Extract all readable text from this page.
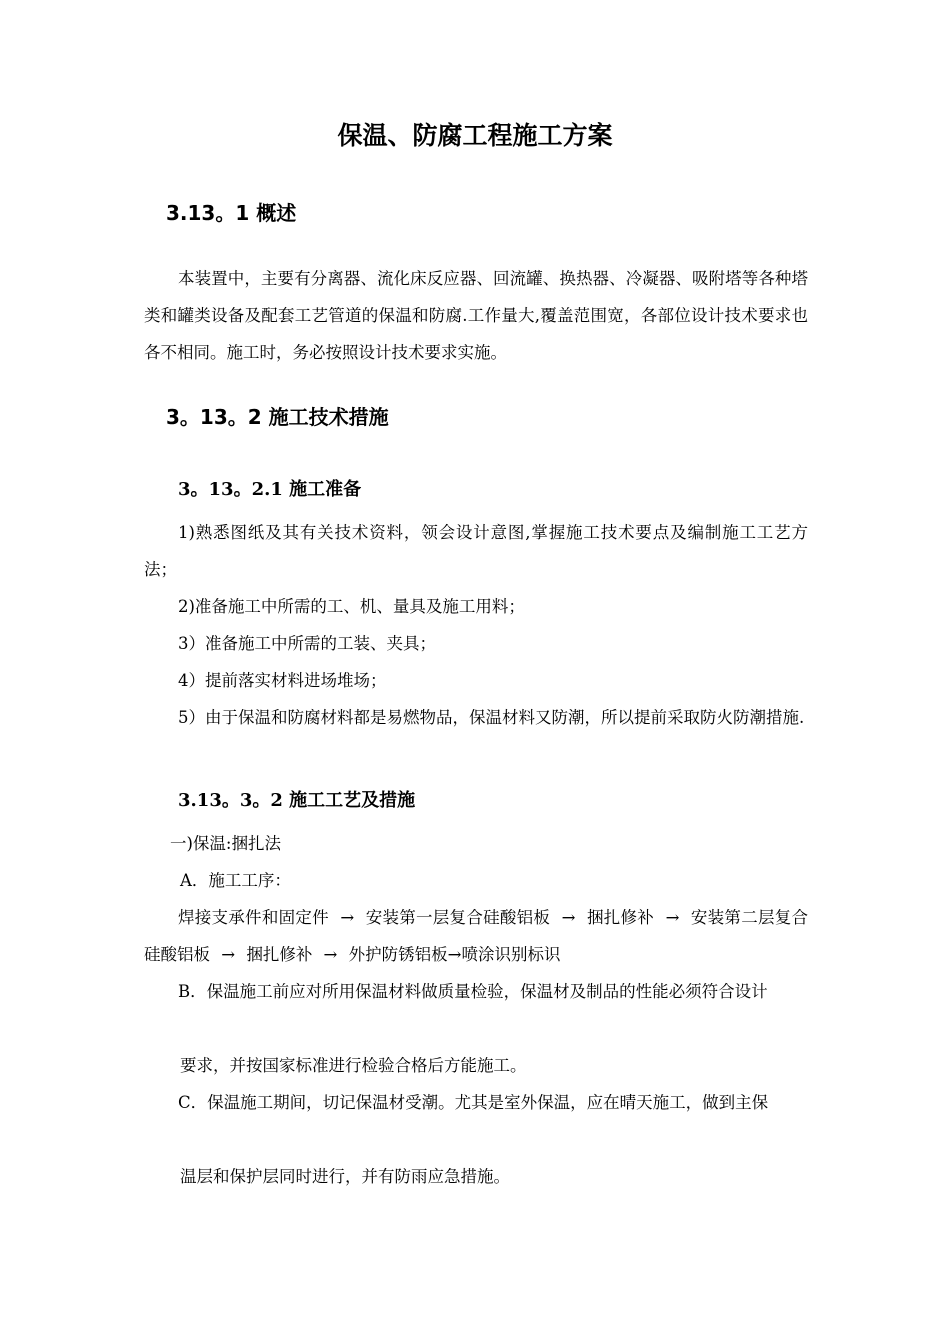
保温、防腐工程施工方案
3.13。1 概述
本装置中，主要有分离器、流化床反应器、回流罐、换热器、冷凝器、吸附塔等各种塔类和罐类设备及配套工艺管道的保温和防腐.工作量大,覆盖范围宽，各部位设计技术要求也各不相同。施工时，务必按照设计技术要求实施。
3。13。2 施工技术措施
3。13。2.1 施工准备
1)熟悉图纸及其有关技术资料，领会设计意图,掌握施工技术要点及编制施工工艺方法；
2)准备施工中所需的工、机、量具及施工用料；
3）准备施工中所需的工装、夹具；
4）提前落实材料进场堆场；
5）由于保温和防腐材料都是易燃物品，保温材料又防潮，所以提前采取防火防潮措施.
3.13。3。2 施工工艺及措施
一)保温:捆扎法
A．施工工序：
焊接支承件和固定件 → 安装第一层复合硅酸铝板 → 捆扎修补 → 安装第二层复合硅酸铝板 → 捆扎修补 → 外护防锈铝板→喷涂识别标识
B．保温施工前应对所用保温材料做质量检验，保温材及制品的性能必须符合设计
要求，并按国家标准进行检验合格后方能施工。
C．保温施工期间，切记保温材受潮。尤其是室外保温，应在晴天施工，做到主保
温层和保护层同时进行，并有防雨应急措施。
